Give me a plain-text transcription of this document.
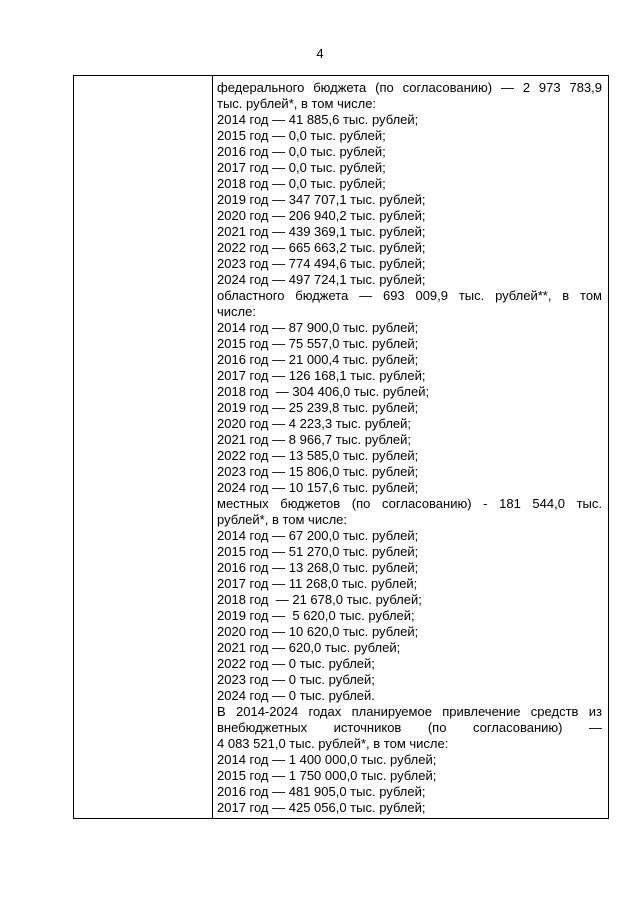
4
федерального бюджета (по согласованию) — 2 973 783,9
тыс. рублей*, в том числе:
2014 год — 41 885,6 тыс. рублей;
2015 год — 0,0 тыс. рублей;
2016 год — 0,0 тыс. рублей;
2017 год — 0,0 тыс. рублей;
2018 год — 0,0 тыс. рублей;
2019 год — 347 707,1 тыс. рублей;
2020 год — 206 940,2 тыс. рублей;
2021 год — 439 369,1 тыс. рублей;
2022 год — 665 663,2 тыс. рублей;
2023 год — 774 494,6 тыс. рублей;
2024 год — 497 724,1 тыс. рублей;
областного бюджета — 693 009,9 тыс. рублей**, в том
числе:
2014 год — 87 900,0 тыс. рублей;
2015 год — 75 557,0 тыс. рублей;
2016 год — 21 000,4 тыс. рублей;
2017 год — 126 168,1 тыс. рублей;
2018 год  — 304 406,0 тыс. рублей;
2019 год — 25 239,8 тыс. рублей;
2020 год — 4 223,3 тыс. рублей;
2021 год — 8 966,7 тыс. рублей;
2022 год — 13 585,0 тыс. рублей;
2023 год — 15 806,0 тыс. рублей;
2024 год — 10 157,6 тыс. рублей;
местных бюджетов (по согласованию) - 181 544,0 тыс.
рублей*, в том числе:
2014 год — 67 200,0 тыс. рублей;
2015 год — 51 270,0 тыс. рублей;
2016 год — 13 268,0 тыс. рублей;
2017 год — 11 268,0 тыс. рублей;
2018 год  — 21 678,0 тыс. рублей;
2019 год —  5 620,0 тыс. рублей;
2020 год — 10 620,0 тыс. рублей;
2021 год — 620,0 тыс. рублей;
2022 год — 0 тыс. рублей;
2023 год — 0 тыс. рублей;
2024 год — 0 тыс. рублей.
В 2014-2024 годах планируемое привлечение средств из
внебюджетных источников (по согласованию) —
4 083 521,0 тыс. рублей*, в том числе:
2014 год — 1 400 000,0 тыс. рублей;
2015 год — 1 750 000,0 тыс. рублей;
2016 год — 481 905,0 тыс. рублей;
2017 год — 425 056,0 тыс. рублей;
